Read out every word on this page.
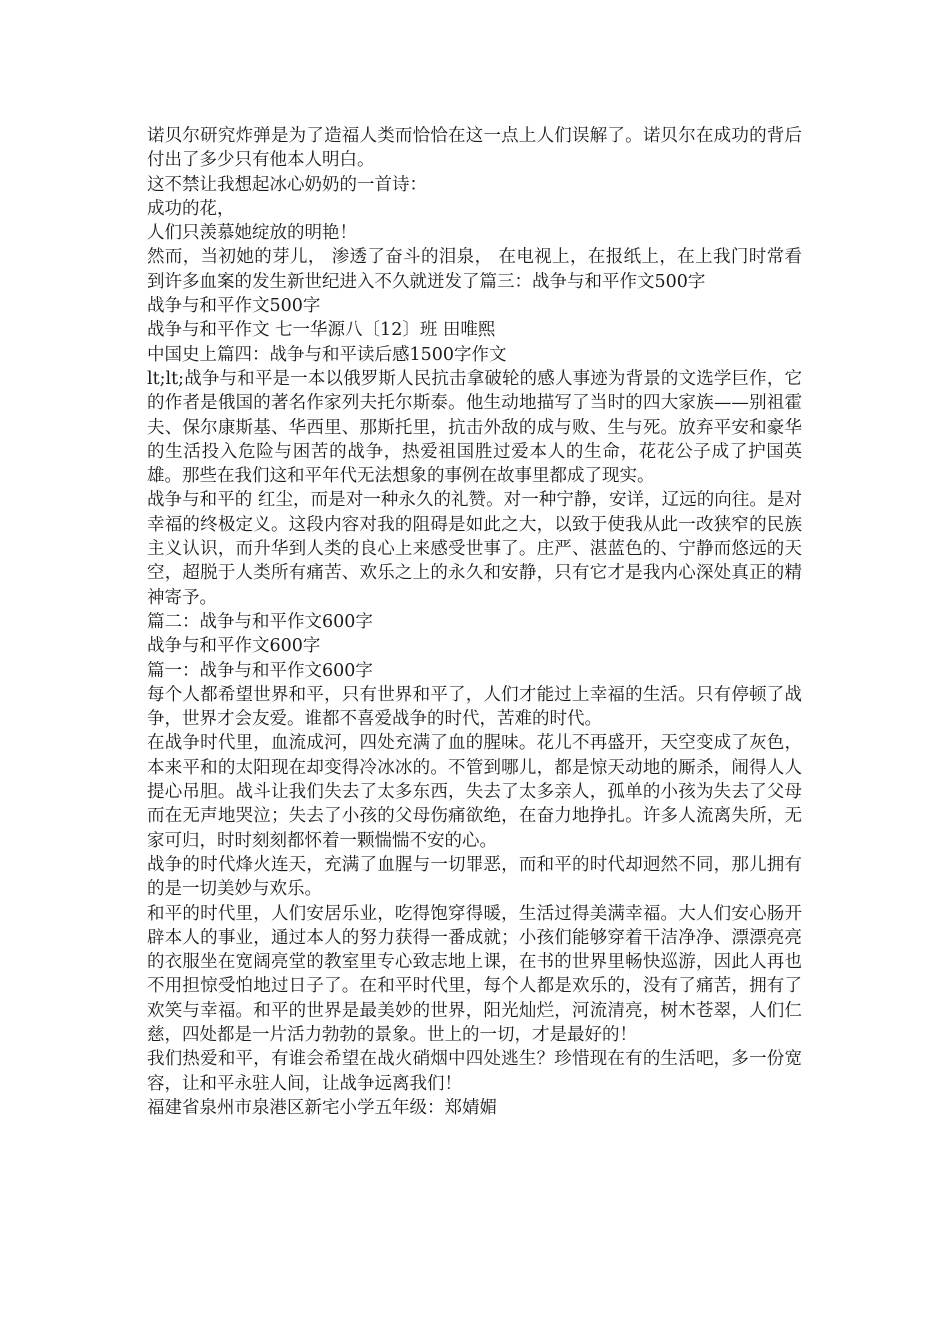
诺贝尔研究炸弹是为了造福人类而恰恰在这一点上人们误解了。诺贝尔在成功的背后付出了多少只有他本人明白。

这不禁让我想起冰心奶奶的一首诗：

成功的花，

人们只羡慕她绽放的明艳！

然而，当初她的芽儿， 渗透了奋斗的泪泉， 在电视上，在报纸上，在上我门时常看到许多血案的发生新世纪进入不久就迸发了篇三：战争与和平作文500字

战争与和平作文500字

战争与和平作文 七一华源八〔12〕班 田唯熙

中国史上篇四：战争与和平读后感1500字作文

lt;lt;战争与和平是一本以俄罗斯人民抗击拿破轮的感人事迹为背景的文选学巨作，它的作者是俄国的著名作家列夫托尔斯泰。他生动地描写了当时的四大家族——别祖霍夫、保尔康斯基、华西里、那斯托里，抗击外敌的成与败、生与死。放弃平安和豪华的生活投入危险与困苦的战争，热爱祖国胜过爱本人的生命，花花公子成了护国英雄。那些在我们这和平年代无法想象的事例在故事里都成了现实。

战争与和平的 红尘，而是对一种永久的礼赞。对一种宁静，安详，辽远的向往。是对幸福的终极定义。这段内容对我的阻碍是如此之大，以致于使我从此一改狭窄的民族主义认识，而升华到人类的良心上来感受世事了。庄严、湛蓝色的、宁静而悠远的天空，超脱于人类所有痛苦、欢乐之上的永久和安静，只有它才是我内心深处真正的精神寄予。

篇二：战争与和平作文600字

战争与和平作文600字

篇一：战争与和平作文600字

每个人都希望世界和平，只有世界和平了，人们才能过上幸福的生活。只有停顿了战争，世界才会友爱。谁都不喜爱战争的时代，苦难的时代。

在战争时代里，血流成河，四处充满了血的腥味。花儿不再盛开，天空变成了灰色，本来平和的太阳现在却变得冷冰冰的。不管到哪儿，都是惊天动地的厮杀，闹得人人提心吊胆。战斗让我们失去了太多东西，失去了太多亲人，孤单的小孩为失去了父母而在无声地哭泣；失去了小孩的父母伤痛欲绝，在奋力地挣扎。许多人流离失所，无家可归，时时刻刻都怀着一颗惴惴不安的心。

战争的时代烽火连天，充满了血腥与一切罪恶，而和平的时代却迥然不同，那儿拥有的是一切美妙与欢乐。

和平的时代里，人们安居乐业，吃得饱穿得暖，生活过得美满幸福。大人们安心肠开辟本人的事业，通过本人的努力获得一番成就；小孩们能够穿着干洁净净、漂漂亮亮的衣服坐在宽阔亮堂的教室里专心致志地上课，在书的世界里畅快巡游，因此人再也不用担惊受怕地过日子了。在和平时代里，每个人都是欢乐的，没有了痛苦，拥有了欢笑与幸福。和平的世界是最美妙的世界，阳光灿烂，河流清亮，树木苍翠，人们仁慈，四处都是一片活力勃勃的景象。世上的一切，才是最好的！

我们热爱和平，有谁会希望在战火硝烟中四处逃生？珍惜现在有的生活吧，多一份宽容，让和平永驻人间，让战争远离我们！

福建省泉州市泉港区新宅小学五年级：郑婧媚
